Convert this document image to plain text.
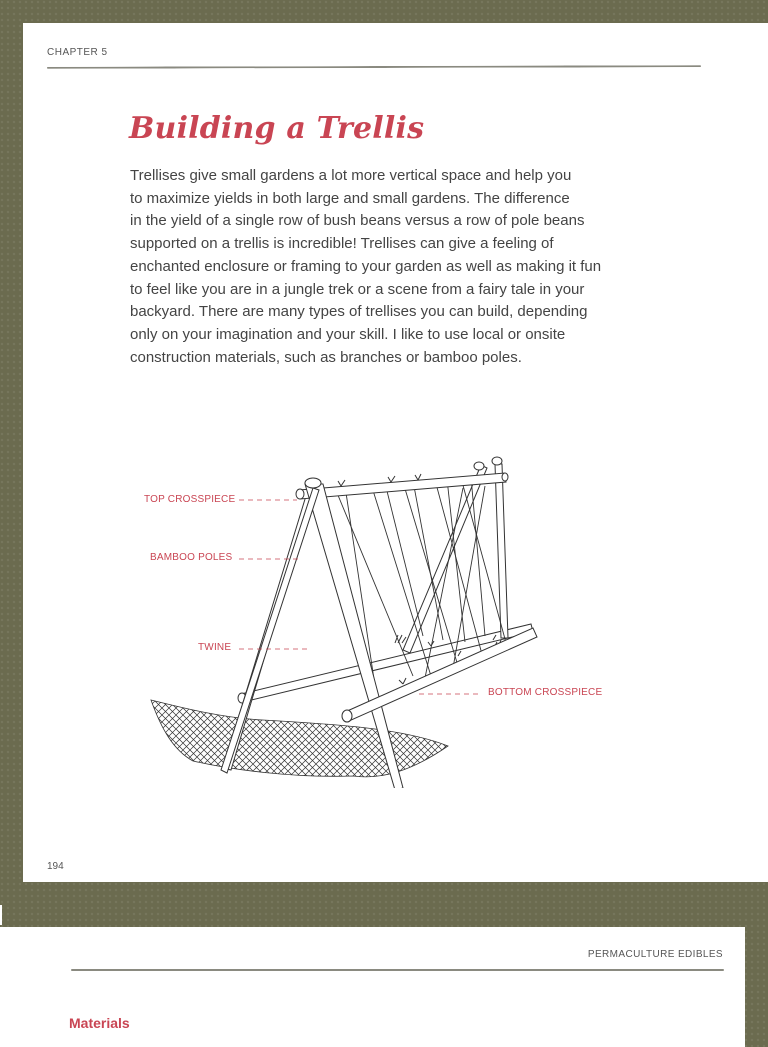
CHAPTER 5
Building a Trellis

Trellises give small gardens a lot more vertical space and help you
to maximize yields in both large and small gardens. The difference
in the yield of a single row of bush beans versus a row of pole beans
supported on a trellis is incredible! Trellises can give a feeling of
enchanted enclosure or framing to your garden as well as making it fun
to feel like you are in a jungle trek or a scene from a fairy tale in your
backyard. There are many types of trellises you can build, depending
only on your imagination and your skill. I like to use local or onsite
construction materials, such as branches or bamboo poles.

TOP CROSSPIECE
BAMBOO POLES
TWINE
BOTTOM CROSSPIECE
194
PERMACULTURE EDIBLES
Materials
